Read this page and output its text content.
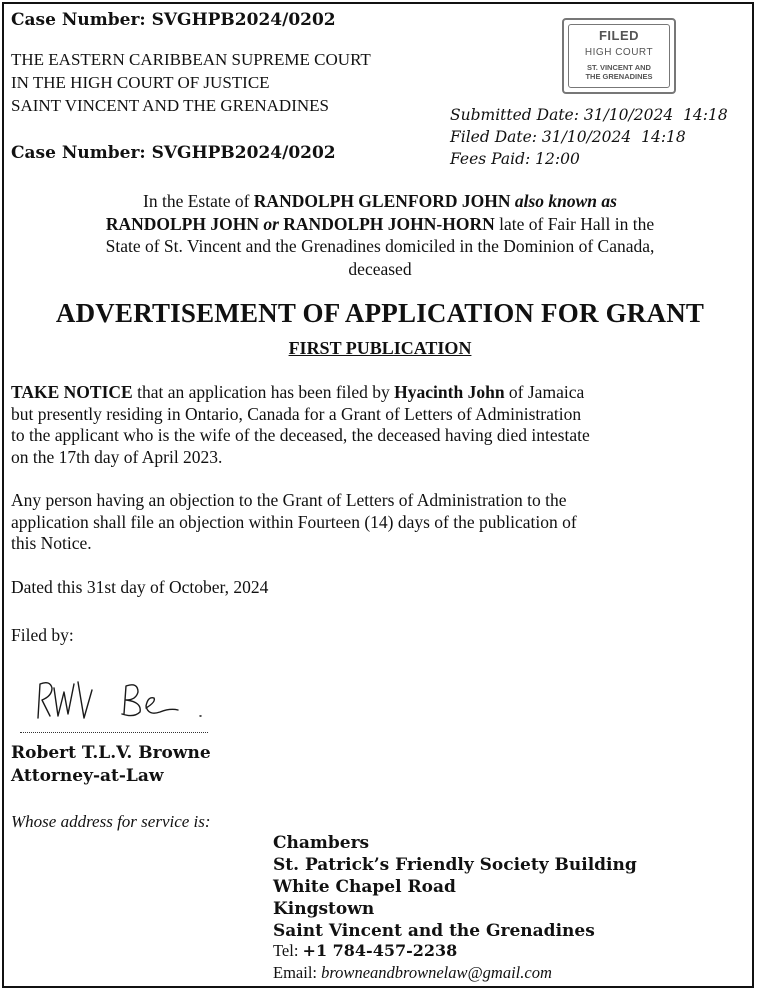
Case Number: SVGHPB2024/0202
THE EASTERN CARIBBEAN SUPREME COURT
IN THE HIGH COURT OF JUSTICE
SAINT VINCENT AND THE GRENADINES
Case Number: SVGHPB2024/0202
FILED
HIGH COURT
ST. VINCENT AND
THE GRENADINES
Submitted Date: 31/10/2024  14:18
Filed Date: 31/10/2024  14:18
Fees Paid: 12:00
In the Estate of RANDOLPH GLENFORD JOHN also known as
RANDOLPH JOHN or RANDOLPH JOHN-HORN late of Fair Hall in the
State of St. Vincent and the Grenadines domiciled in the Dominion of Canada,
deceased
ADVERTISEMENT OF APPLICATION FOR GRANT
FIRST PUBLICATION
TAKE NOTICE that an application has been filed by Hyacinth John of Jamaica
but presently residing in Ontario, Canada for a Grant of Letters of Administration
to the applicant who is the wife of the deceased, the deceased having died intestate
on the 17th day of April 2023.
Any person having an objection to the Grant of Letters of Administration to the
application shall file an objection within Fourteen (14) days of the publication of
this Notice.
Dated this 31st day of October, 2024
Filed by:
Robert T.L.V. Browne
Attorney-at-Law
Whose address for service is:
Chambers
St. Patrick’s Friendly Society Building
White Chapel Road
Kingstown
Saint Vincent and the Grenadines
Tel: +1 784-457-2238
Email: browneandbrownelaw@gmail.com
